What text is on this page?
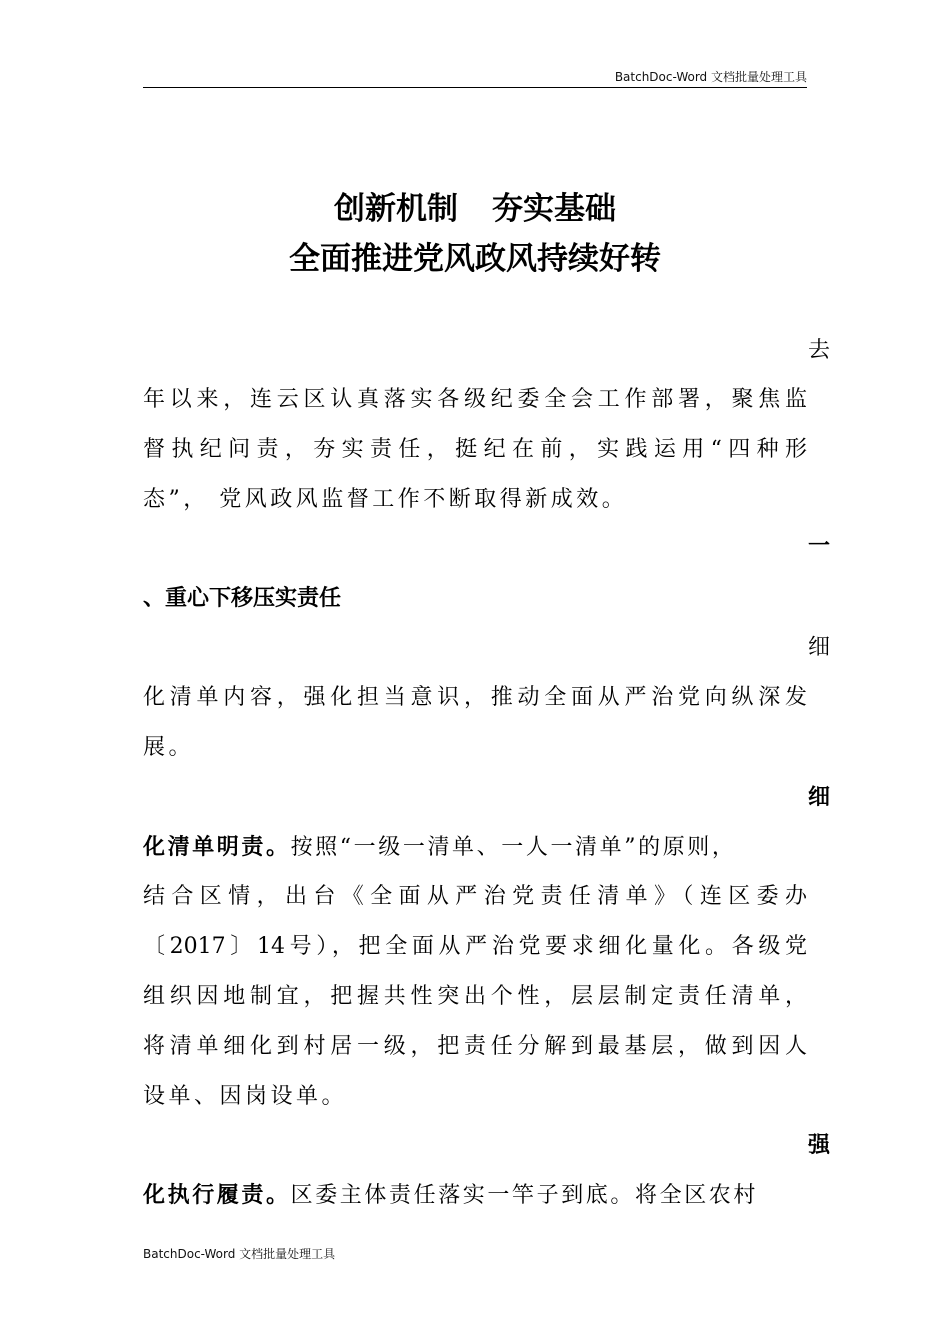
BatchDoc-Word 文档批量处理工具
创新机制 夯实基础
全面推进党风政风持续好转
去
年以来，连云区认真落实各级纪委全会工作部署，聚焦监
督执纪问责，夯实责任，挺纪在前，实践运用“四种形
态”， 党风政风监督工作不断取得新成效。
一
、重心下移压实责任
细
化清单内容，强化担当意识，推动全面从严治党向纵深发
展。
细
化清单明责。按照“一级一清单、一人一清单”的原则，
结合区情，出台《全面从严治党责任清单》（连区委办
〔2017〕14号），把全面从严治党要求细化量化。各级党
组织因地制宜，把握共性突出个性，层层制定责任清单，
将清单细化到村居一级，把责任分解到最基层，做到因人
设单、因岗设单。
强
化执行履责。区委主体责任落实一竿子到底。将全区农村
BatchDoc-Word 文档批量处理工具
